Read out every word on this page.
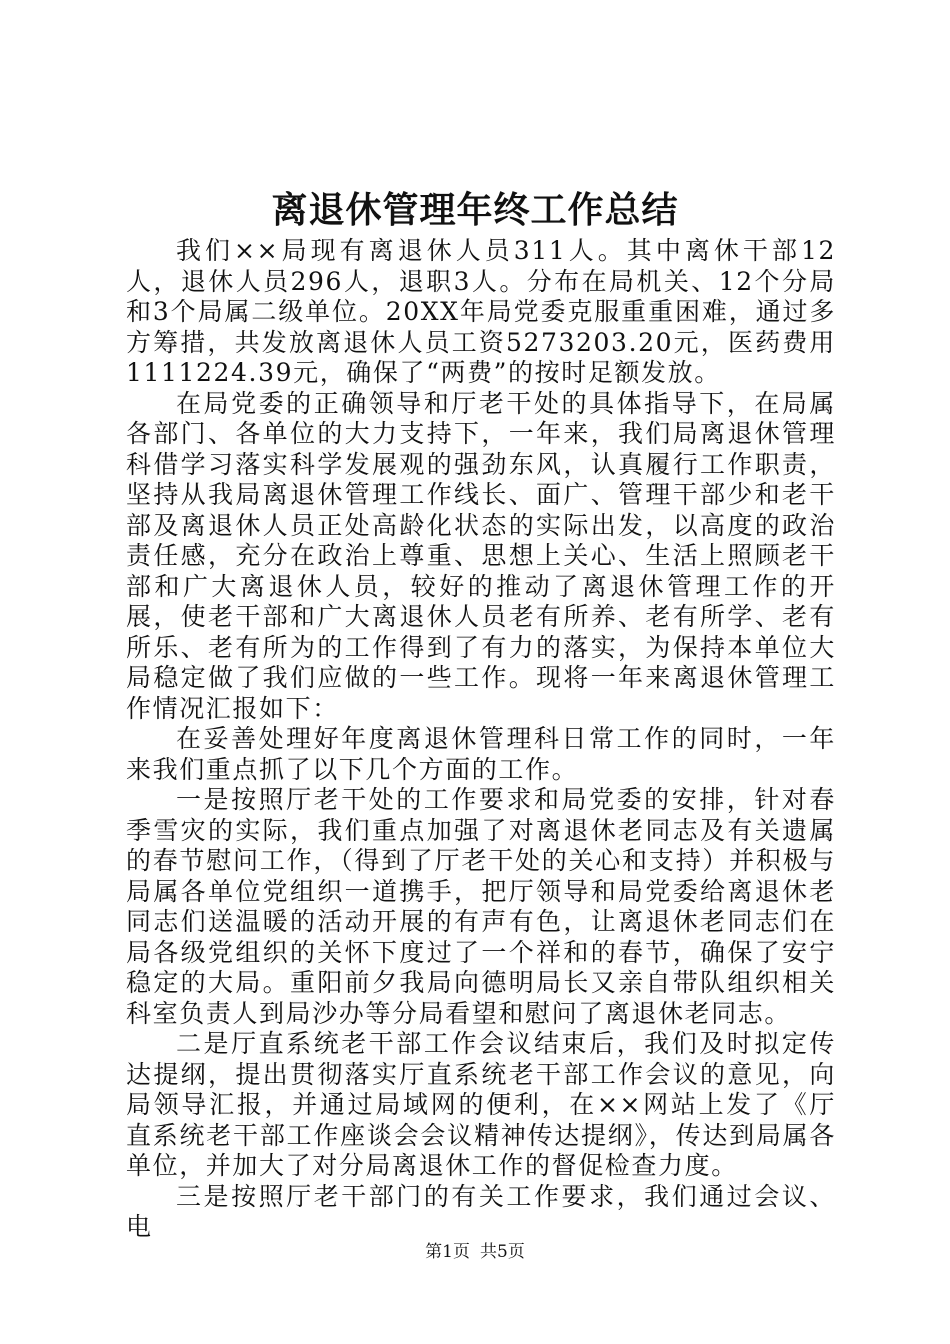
离退休管理年终工作总结

我们××局现有离退休人员311人。其中离休干部12人，退休人员296人，退职3人。分布在局机关、12个分局和3个局属二级单位。20XX年局党委克服重重困难，通过多方筹措，共发放离退休人员工资5273203.20元，医药费用1111224.39元，确保了“两费”的按时足额发放。

在局党委的正确领导和厅老干处的具体指导下，在局属各部门、各单位的大力支持下，一年来，我们局离退休管理科借学习落实科学发展观的强劲东风，认真履行工作职责，坚持从我局离退休管理工作线长、面广、管理干部少和老干部及离退休人员正处高龄化状态的实际出发，以高度的政治责任感，充分在政治上尊重、思想上关心、生活上照顾老干部和广大离退休人员，较好的推动了离退休管理工作的开展，使老干部和广大离退休人员老有所养、老有所学、老有所乐、老有所为的工作得到了有力的落实，为保持本单位大局稳定做了我们应做的一些工作。现将一年来离退休管理工作情况汇报如下：

在妥善处理好年度离退休管理科日常工作的同时，一年来我们重点抓了以下几个方面的工作。

一是按照厅老干处的工作要求和局党委的安排，针对春季雪灾的实际，我们重点加强了对离退休老同志及有关遗属的春节慰问工作，（得到了厅老干处的关心和支持）并积极与局属各单位党组织一道携手，把厅领导和局党委给离退休老同志们送温暖的活动开展的有声有色，让离退休老同志们在局各级党组织的关怀下度过了一个祥和的春节，确保了安宁稳定的大局。重阳前夕我局向德明局长又亲自带队组织相关科室负责人到局沙办等分局看望和慰问了离退休老同志。

二是厅直系统老干部工作会议结束后，我们及时拟定传达提纲，提出贯彻落实厅直系统老干部工作会议的意见，向局领导汇报，并通过局域网的便利，在××网站上发了《厅直系统老干部工作座谈会会议精神传达提纲》，传达到局属各单位，并加大了对分局离退休工作的督促检查力度。

三是按照厅老干部门的有关工作要求，我们通过会议、电

第1页 共5页
